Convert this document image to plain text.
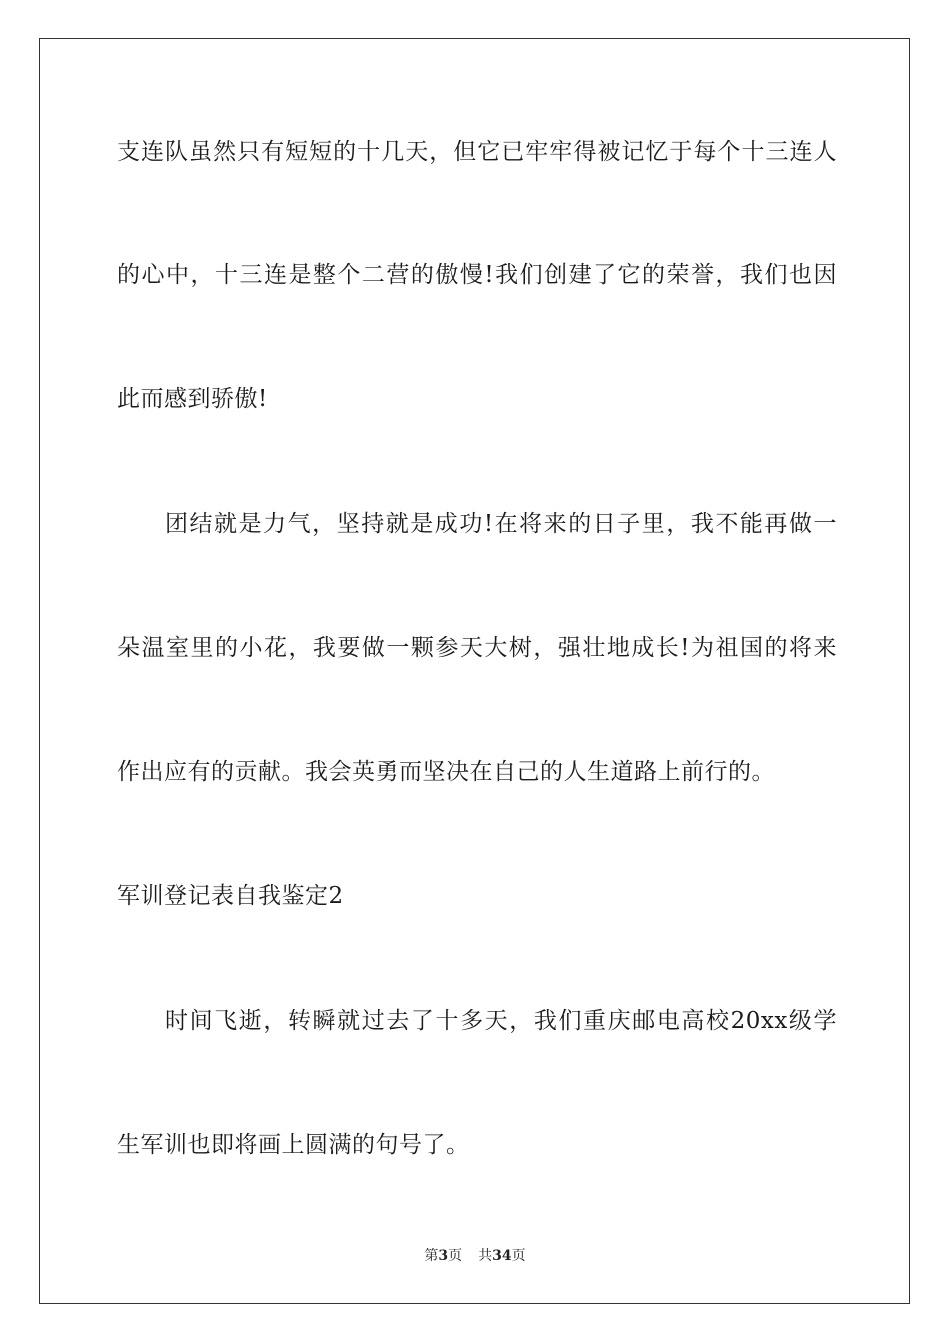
支连队虽然只有短短的十几天，但它已牢牢得被记忆于每个十三连人
的心中，十三连是整个二营的傲慢!我们创建了它的荣誉，我们也因
此而感到骄傲!
团结就是力气，坚持就是成功!在将来的日子里，我不能再做一
朵温室里的小花，我要做一颗参天大树，强壮地成长!为祖国的将来
作出应有的贡献。我会英勇而坚决在自己的人生道路上前行的。
军训登记表自我鉴定2
时间飞逝，转瞬就过去了十多天，我们重庆邮电高校20xx级学
生军训也即将画上圆满的句号了。
第3页 共34页
